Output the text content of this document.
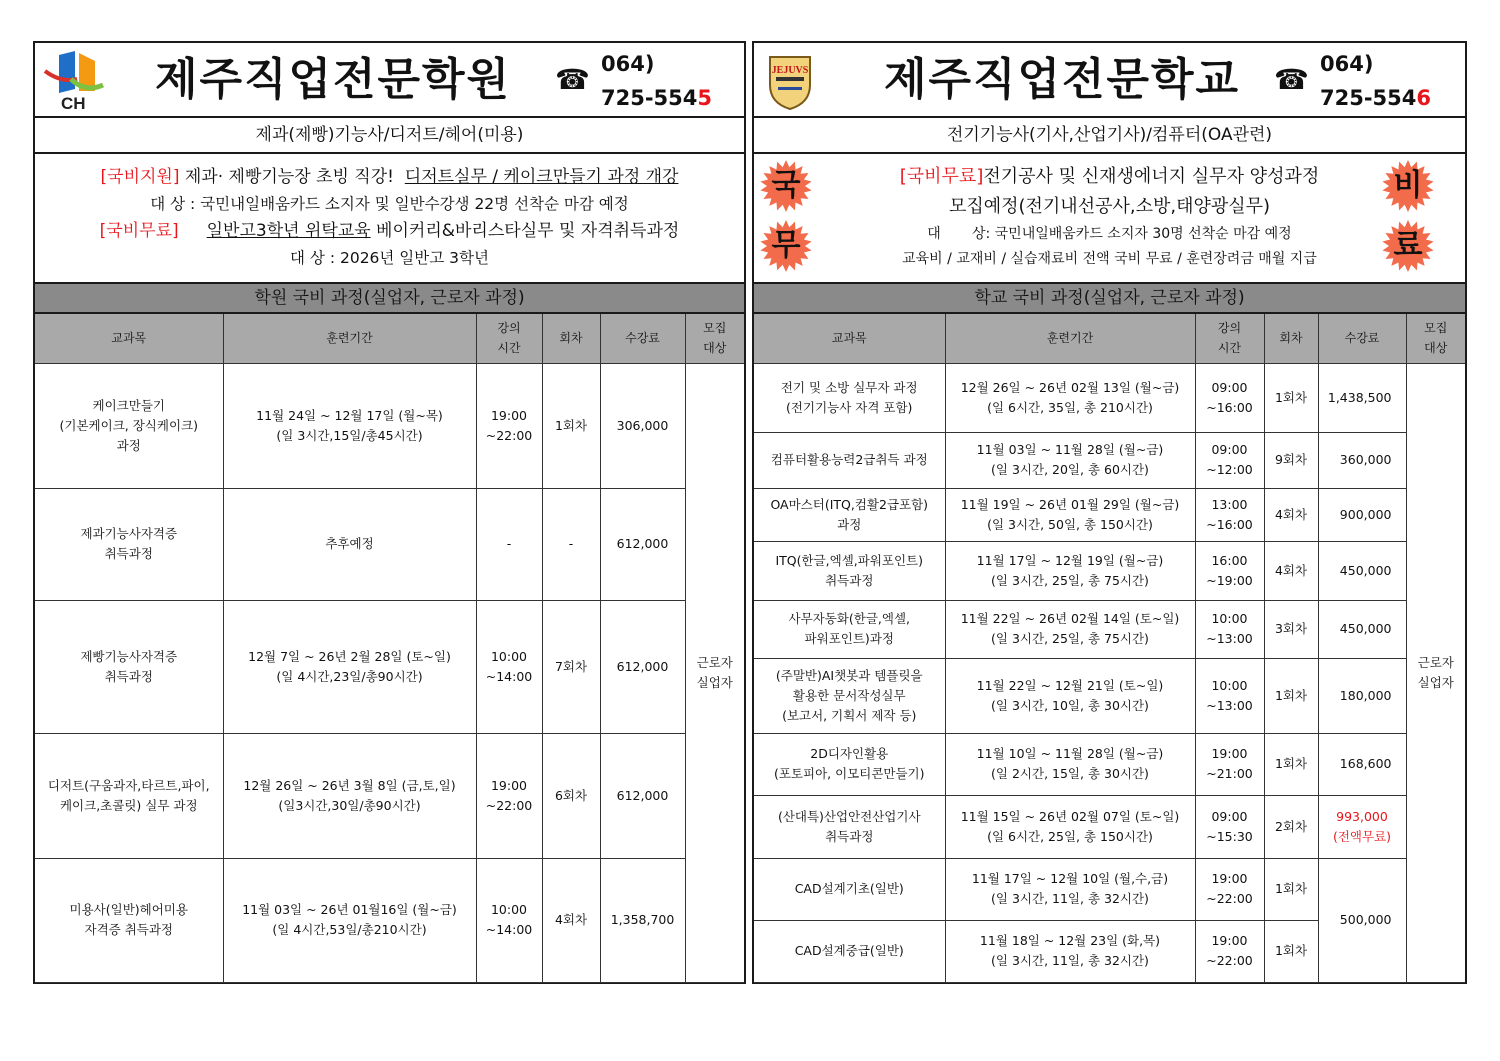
CH 제주직업전문학원 ☎ 064)
725-5545
제과(제빵)기능사/디저트/헤어(미용)
[국비지원] 제과· 제빵기능장 초빙 직강!  디저트실무 / 케이크만들기 과정 개강
대 상 : 국민내일배움카드 소지자 및 일반수강생 22명 선착순 마감 예정
[국비무료] 일반고3학년 위탁교육 베이커리&바리스타실무 및 자격취득과정
대 상 : 2026년 일반고 3학년
학원 국비 과정(실업자, 근로자 과정)
교과목	훈련기간	강의
시간	회차	수강료	모집
대상
케이크만들기
(기본케이크, 장식케이크)
과정	11월 24일 ~ 12월 17일 (월~목)
(일 3시간,15일/총45시간)	19:00
~22:00	1회차	306,000	근로자
실업자
제과기능사자격증
취득과정	추후예정	-	-	612,000	
제빵기능사자격증
취득과정	12월 7일 ~ 26년 2월 28일 (토~일)
(일 4시간,23일/총90시간)	10:00
~14:00	7회차	612,000	
디저트(구움과자,타르트,파이,
케이크,초콜릿) 실무 과정	12월 26일 ~ 26년 3월 8일 (금,토,일)
(일3시간,30일/총90시간)	19:00
~22:00	6회차	612,000	
미용사(일반)헤어미용
자격증 취득과정	11월 03일 ~ 26년 01월16일 (월~금)
(일 4시간,53일/총210시간)	10:00
~14:00	4회차	1,358,700	
JEJUVS 제주직업전문학교 ☎ 064)
725-5546
전기기능사(기사,산업기사)/컴퓨터(OA관련)
국
무
비
료
[국비무료]전기공사 및 신재생에너지 실무자 양성과정
모집예정(전기내선공사,소방,태양광실무)
대       상: 국민내일배움카드 소지자 30명 선착순 마감 예정
교육비 / 교재비 / 실습재료비 전액 국비 무료 / 훈련장려금 매월 지급
학교 국비 과정(실업자, 근로자 과정)
교과목	훈련기간	강의
시간	회차	수강료	모집
대상
전기 및 소방 실무자 과정
(전기기능사 자격 포함)	12월 26일 ~ 26년 02월 13일 (월~금)
(일 6시간, 35일, 총 210시간)	09:00
~16:00	1회차	1,438,500	근로자
실업자
컴퓨터활용능력2급취득 과정	11월 03일 ~ 11월 28일 (월~금)
(일 3시간, 20일, 총 60시간)	09:00
~12:00	9회차	360,000	
OA마스터(ITQ,컴활2급포함)
과정	11월 19일 ~ 26년 01월 29일 (월~금)
(일 3시간, 50일, 총 150시간)	13:00
~16:00	4회차	900,000	
ITQ(한글,엑셀,파워포인트)
취득과정	11월 17일 ~ 12월 19일 (월~금)
(일 3시간, 25일, 총 75시간)	16:00
~19:00	4회차	450,000	
사무자동화(한글,엑셀,
파워포인트)과정	11월 22일 ~ 26년 02월 14일 (토~일)
(일 3시간, 25일, 총 75시간)	10:00
~13:00	3회차	450,000	
(주말반)AI챗봇과 템플릿을
활용한 문서작성실무
(보고서, 기획서 제작 등)	11월 22일 ~ 12월 21일 (토~일)
(일 3시간, 10일, 총 30시간)	10:00
~13:00	1회차	180,000	
2D디자인활용
(포토피아, 이모티콘만들기)	11월 10일 ~ 11월 28일 (월~금)
(일 2시간, 15일, 총 30시간)	19:00
~21:00	1회차	168,600	
(산대특)산업안전산업기사
취득과정	11월 15일 ~ 26년 02월 07일 (토~일)
(일 6시간, 25일, 총 150시간)	09:00
~15:30	2회차	993,000
(전액무료)	
CAD설계기초(일반)	11월 17일 ~ 12월 10일 (월,수,금)
(일 3시간, 11일, 총 32시간)	19:00
~22:00	1회차	500,000	
CAD설계중급(일반)	11월 18일 ~ 12월 23일 (화,목)
(일 3시간, 11일, 총 32시간)	19:00
~22:00	1회차		
